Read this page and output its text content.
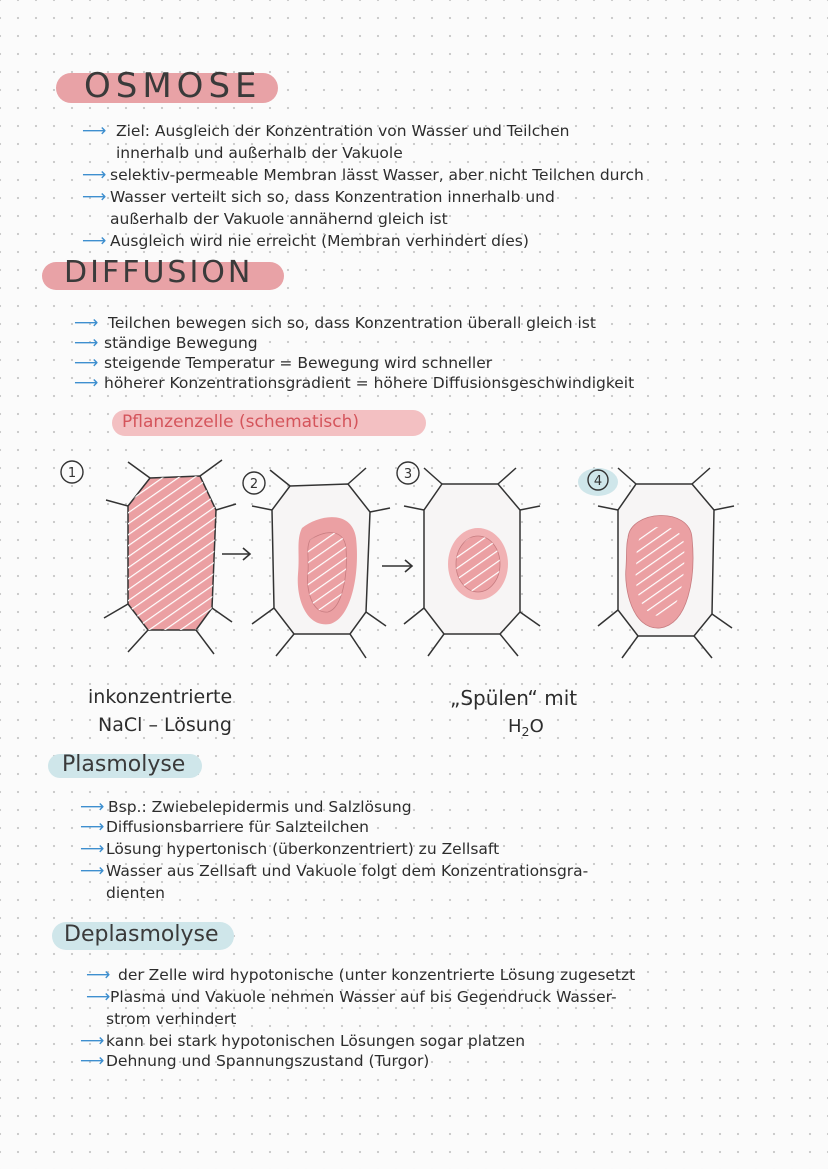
OSMOSE
⟶ Ziel: Ausgleich der Konzentration von Wasser und Teilchen
innerhalb und außerhalb der Vakuole
⟶ selektiv-permeable Membran lässt Wasser, aber nicht Teilchen durch
⟶ Wasser verteilt sich so, dass Konzentration innerhalb und
außerhalb der Vakuole annähernd gleich ist
⟶ Ausgleich wird nie erreicht (Membran verhindert dies)
DIFFUSION
⟶ Teilchen bewegen sich so, dass Konzentration überall gleich ist
⟶ ständige Bewegung
⟶ steigende Temperatur = Bewegung wird schneller
⟶ höherer Konzentrationsgradient = höhere Diffusionsgeschwindigkeit
Pflanzenzelle (schematisch)
1
2
3	4
inkonzentrierte
NaCl – Lösung
„Spülen“ mit
$H_2O$
Plasmolyse
⟶ Bsp.: Zwiebelepidermis und Salzlösung
⟶ Diffusionsbarriere für Salzteilchen
⟶ Lösung hypertonisch (überkonzentriert) zu Zellsaft
⟶ Wasser aus Zellsaft und Vakuole folgt dem Konzentrationsgra-
dienten
Deplasmolyse
⟶ der Zelle wird hypotonische (unter konzentrierte Lösung zugesetzt
⟶ Plasma und Vakuole nehmen Wasser auf bis Gegendruck Wasser-
strom verhindert
⟶ kann bei stark hypotonischen Lösungen sogar platzen
⟶ Dehnung und Spannungszustand (Turgor)
